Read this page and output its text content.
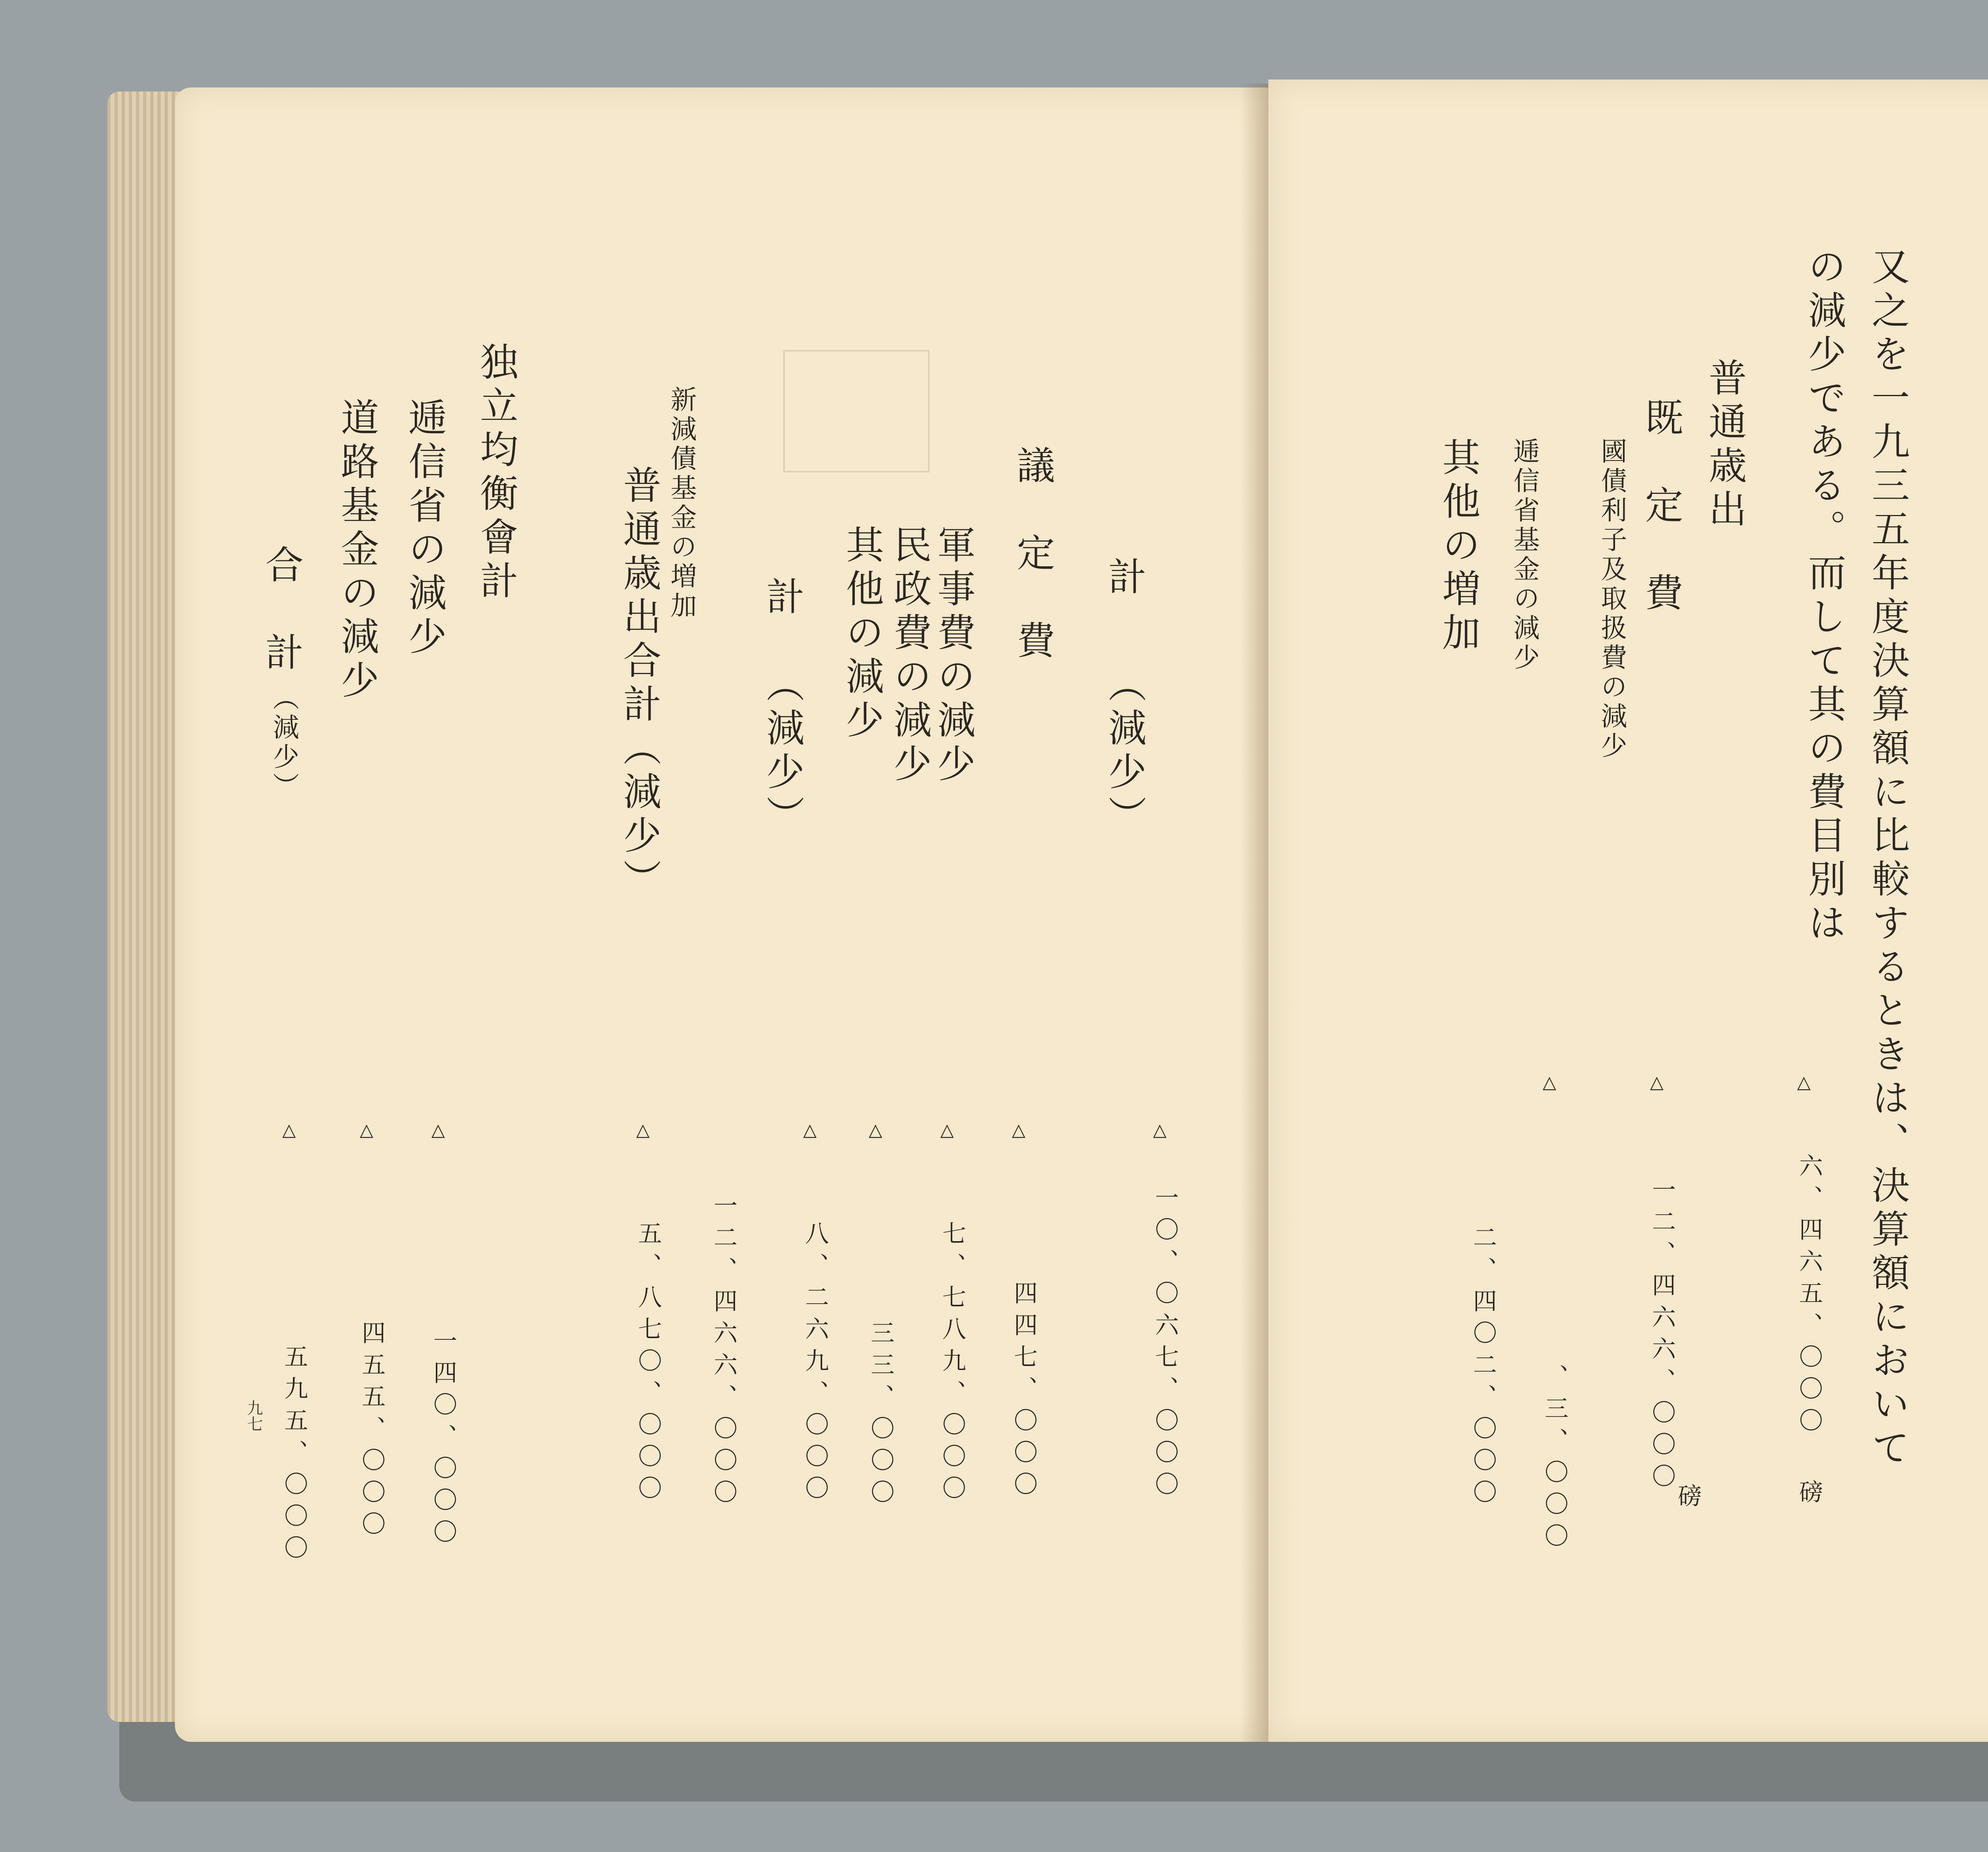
計
（減少）
△
一〇、〇六七、〇〇〇
議　定　費
軍事費の減少
△
四四七、〇〇〇
民政費の減少
△
七、七八九、〇〇〇
其他の減少
△
三三、〇〇〇
計
（減少）
△
八、二六九、〇〇〇
新減債基金の増加
一二、四六六、〇〇〇
普通歳出合計（減少）
△
五、八七〇、〇〇〇
独立均衡會計
逓信省の減少
△
一四〇、〇〇〇
道路基金の減少
△
四五五、〇〇〇
合　計
（減少）
△
五九五、〇〇〇
九七	又之を一九三五年度決算額に比較するときは、決算額において
の減少である。而して其の費目別は
△
六、四六五、〇〇〇
磅
普通歳出
既　定　費
△
一二、四六六、〇〇〇
磅
國債利子及取扱費の減少
逓信省基金の減少
△
、三、〇〇〇
其他の増加
二、四〇二、〇〇〇
